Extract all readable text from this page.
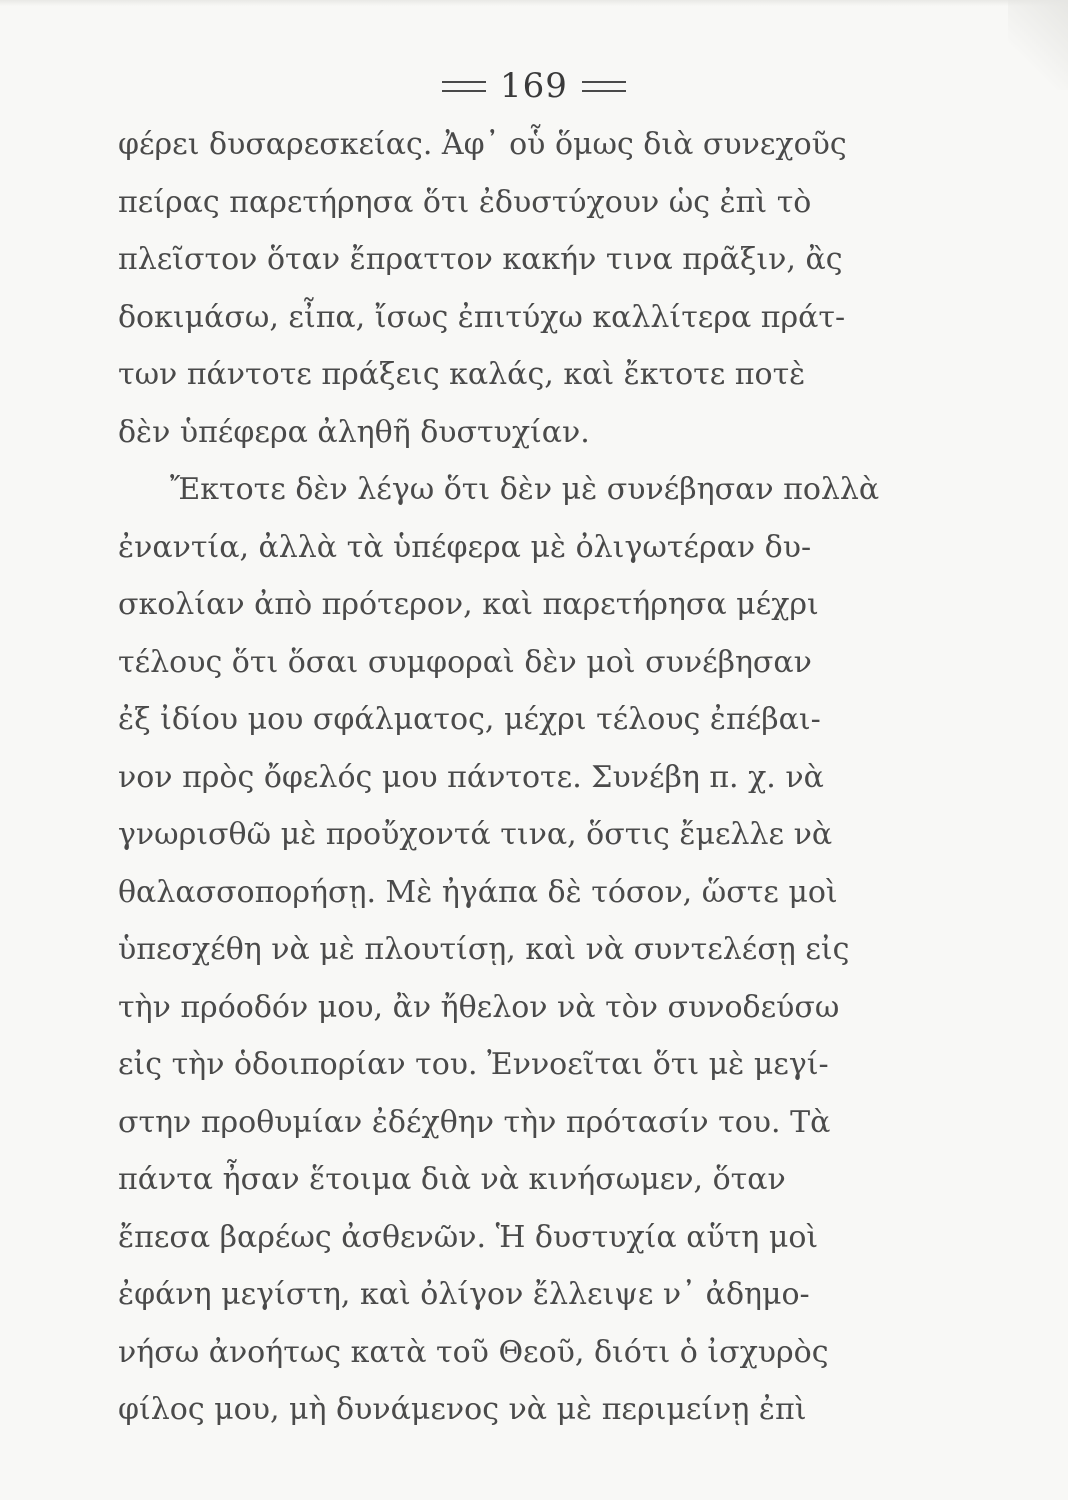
169
φέρει δυσαρεσκείας. Ἀφ᾽ οὗ ὅμως διὰ συνεχοῦς
πείρας παρετήρησα ὅτι ἐδυστύχουν ὡς ἐπὶ τὸ
πλεῖστον ὅταν ἔπραττον κακήν τινα πρᾶξιν, ἂς
δοκιμάσω, εἶπα, ἴσως ἐπιτύχω καλλίτερα πράτ-
των πάντοτε πράξεις καλάς, καὶ ἔκτοτε ποτὲ
δὲν ὑπέφερα ἀληθῆ δυστυχίαν.
Ἔκτοτε δὲν λέγω ὅτι δὲν μὲ συνέβησαν πολλὰ
ἐναντία, ἀλλὰ τὰ ὑπέφερα μὲ ὀλιγωτέραν δυ-
σκολίαν ἀπὸ πρότερον, καὶ παρετήρησα μέχρι
τέλους ὅτι ὅσαι συμφοραὶ δὲν μοὶ συνέβησαν
ἐξ ἰδίου μου σφάλματος, μέχρι τέλους ἐπέβαι-
νον πρὸς ὄφελός μου πάντοτε. Συνέβη π. χ. νὰ
γνωρισθῶ μὲ προὔχοντά τινα, ὅστις ἔμελλε νὰ
θαλασσοπορήσῃ. Μὲ ἠγάπα δὲ τόσον, ὥστε μοὶ
ὑπεσχέθη νὰ μὲ πλουτίσῃ, καὶ νὰ συντελέσῃ εἰς
τὴν πρόοδόν μου, ἂν ἤθελον νὰ τὸν συνοδεύσω
εἰς τὴν ὁδοιπορίαν του. Ἐννοεῖται ὅτι μὲ μεγί-
στην προθυμίαν ἐδέχθην τὴν πρότασίν του. Τὰ
πάντα ἦσαν ἕτοιμα διὰ νὰ κινήσωμεν, ὅταν
ἔπεσα βαρέως ἀσθενῶν. Ἡ δυστυχία αὕτη μοὶ
ἐφάνη μεγίστη, καὶ ὀλίγον ἔλλειψε ν᾽ ἀδημο-
νήσω ἀνοήτως κατὰ τοῦ Θεοῦ, διότι ὁ ἰσχυρὸς
φίλος μου, μὴ δυνάμενος νὰ μὲ περιμείνῃ ἐπὶ
